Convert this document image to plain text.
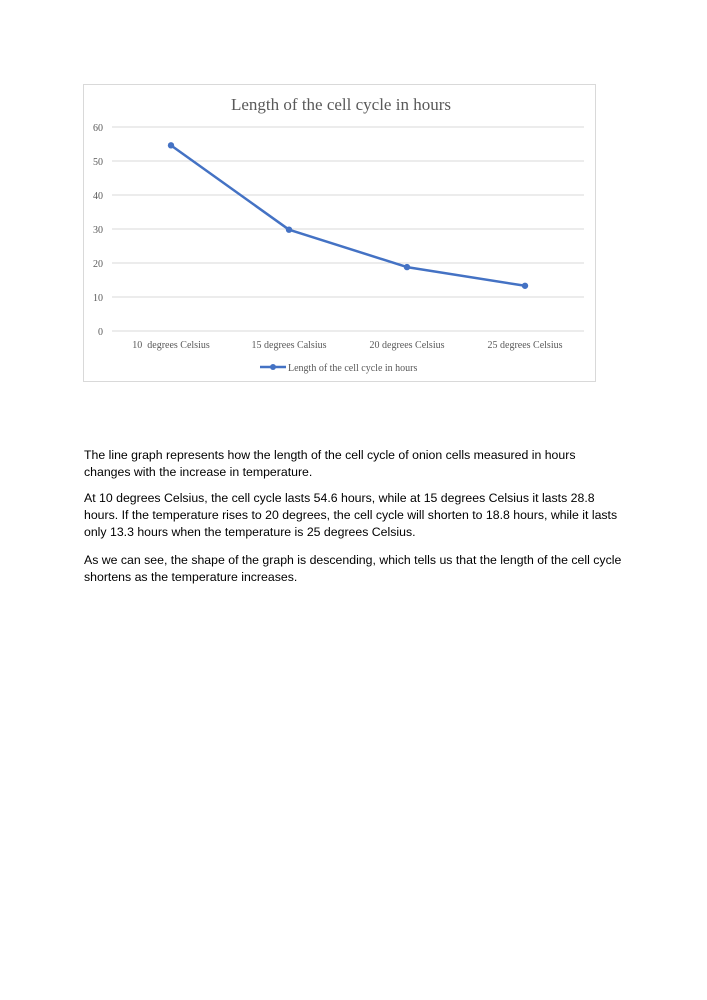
Length of the cell cycle in hours
0
10
20
30
40
50
60
10  degrees Celsius	15 degrees Calsius	20 degrees Celsius	25 degrees Celsius
Length of the cell cycle in hours

The line graph represents how the length of the cell cycle of onion cells measured in hours changes with the increase in temperature.

At 10 degrees Celsius, the cell cycle lasts 54.6 hours, while at 15 degrees Celsius it lasts 28.8 hours. If the temperature rises to 20 degrees, the cell cycle will shorten to 18.8 hours, while it lasts only 13.3 hours when the temperature is 25 degrees Celsius.

As we can see, the shape of the graph is descending, which tells us that the length of the cell cycle shortens as the temperature increases.
